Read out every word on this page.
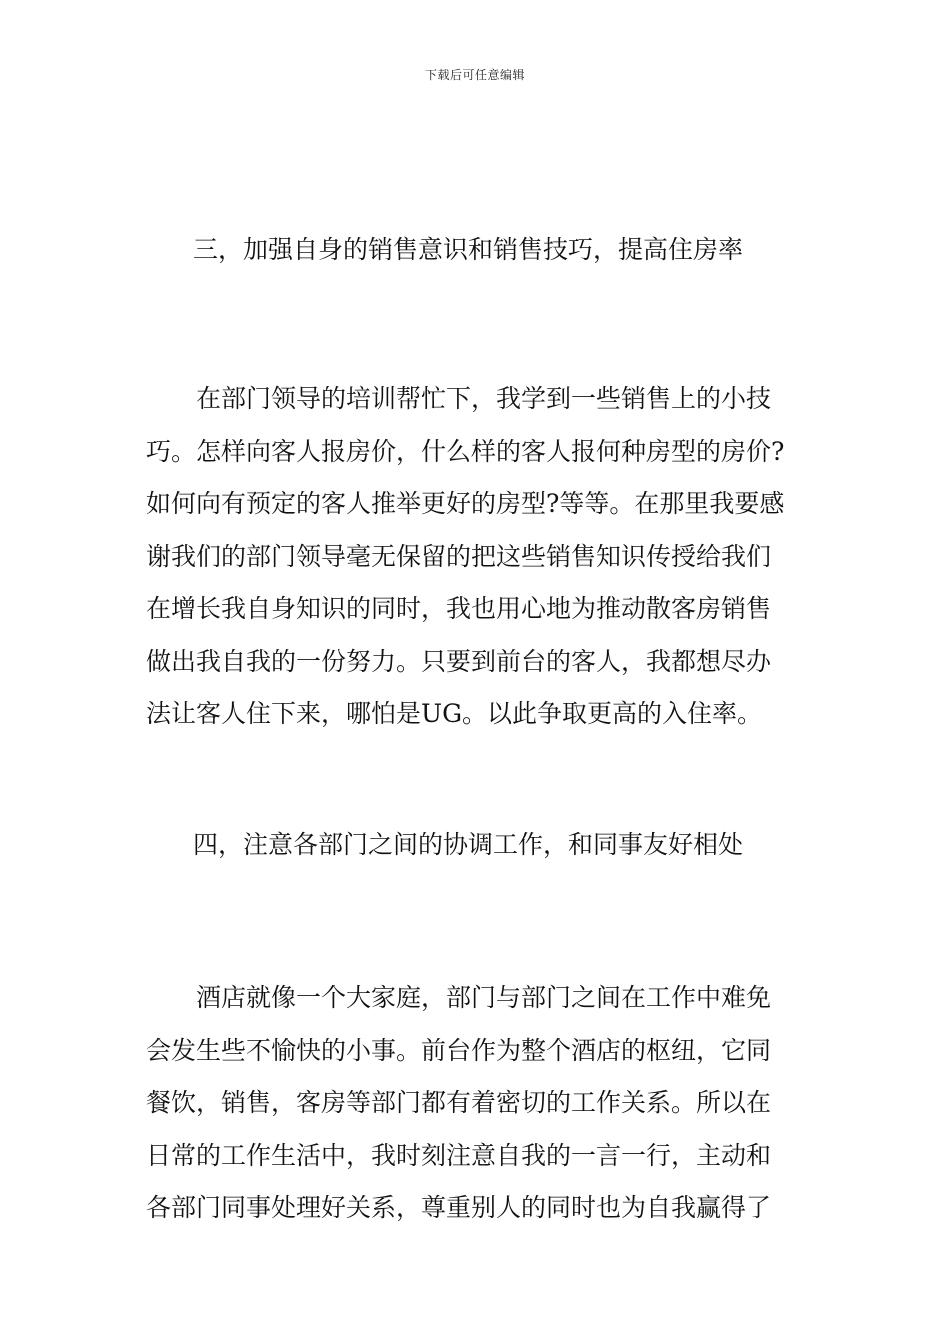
下载后可任意编辑
三，加强自身的销售意识和销售技巧，提高住房率
在部门领导的培训帮忙下，我学到一些销售上的小技
巧。怎样向客人报房价，什么样的客人报何种房型的房价?
如何向有预定的客人推举更好的房型?等等。在那里我要感
谢我们的部门领导毫无保留的把这些销售知识传授给我们
在增长我自身知识的同时，我也用心地为推动散客房销售
做出我自我的一份努力。只要到前台的客人，我都想尽办
法让客人住下来，哪怕是UG。以此争取更高的入住率。
四，注意各部门之间的协调工作，和同事友好相处
酒店就像一个大家庭，部门与部门之间在工作中难免
会发生些不愉快的小事。前台作为整个酒店的枢纽，它同
餐饮，销售，客房等部门都有着密切的工作关系。所以在
日常的工作生活中，我时刻注意自我的一言一行，主动和
各部门同事处理好关系，尊重别人的同时也为自我赢得了
